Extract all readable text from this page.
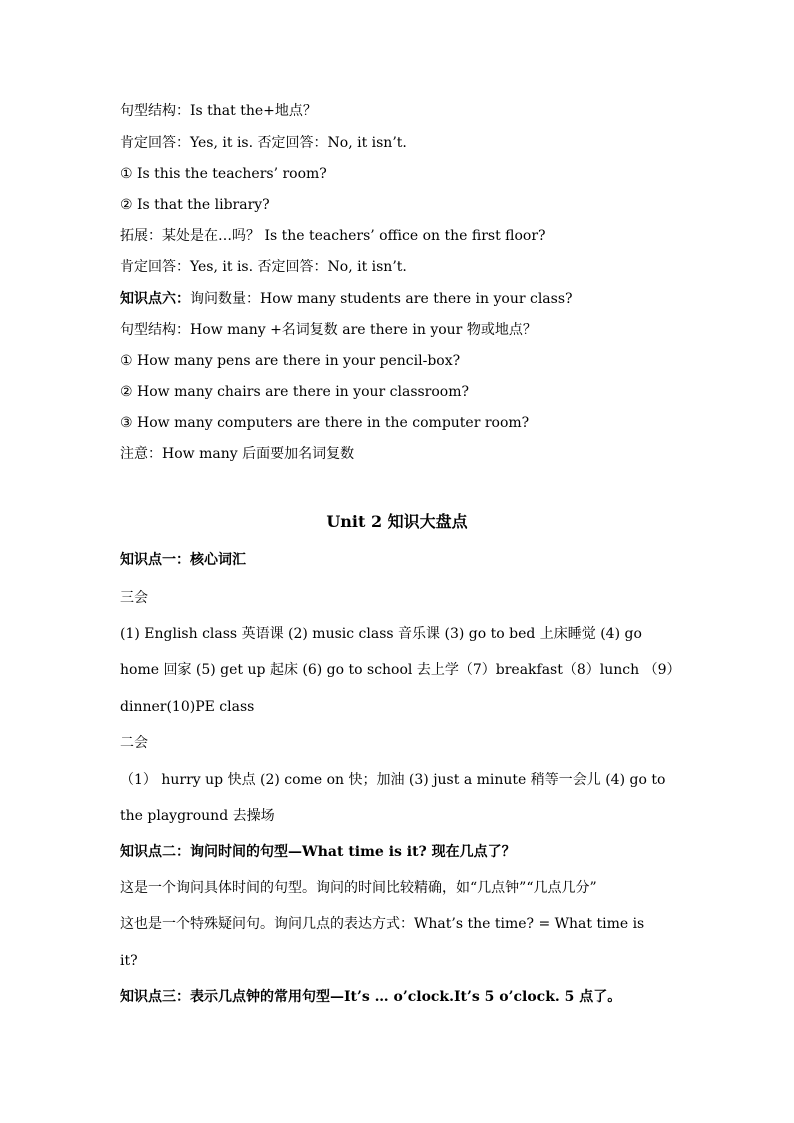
句型结构：Is that the+地点？
肯定回答：Yes, it is. 否定回答：No, it isn’t.
① Is this the teachers’ room?
② Is that the library?
拓展：某处是在…吗？ Is the teachers’ office on the first floor?
肯定回答：Yes, it is. 否定回答：No, it isn’t.
知识点六：询问数量：How many students are there in your class?
句型结构：How many +名词复数 are there in your 物或地点？
① How many pens are there in your pencil-box?
② How many chairs are there in your classroom?
③ How many computers are there in the computer room?
注意：How many 后面要加名词复数
Unit 2 知识大盘点
知识点一：核心词汇
三会
(1) English class 英语课 (2) music class 音乐课 (3) go to bed 上床睡觉 (4) go
home 回家 (5) get up 起床 (6) go to school 去上学（7）breakfast（8）lunch （9）
dinner(10)PE class
二会
（1） hurry up 快点 (2) come on 快；加油 (3) just a minute 稍等一会儿 (4) go to
the playground 去操场
知识点二：询问时间的句型—What time is it? 现在几点了？
这是一个询问具体时间的句型。询问的时间比较精确，如“几点钟”“几点几分”
这也是一个特殊疑问句。询问几点的表达方式：What’s the time? = What time is
it?
知识点三：表示几点钟的常用句型—It’s … o’clock.It’s 5 o’clock. 5 点了。
